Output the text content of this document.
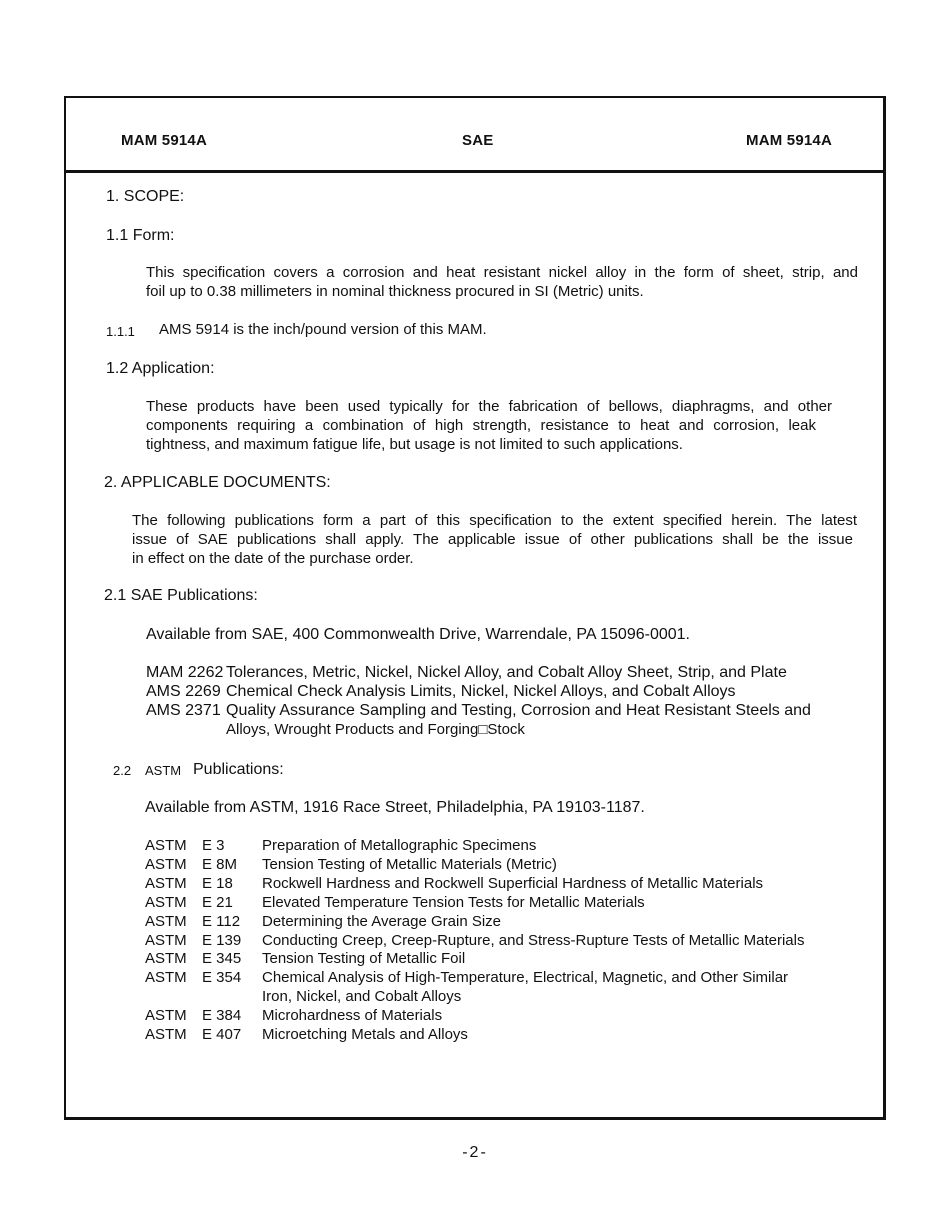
MAM 5914A	SAE	MAM 5914A
1. SCOPE:
1.1 Form:
This specification covers a corrosion and heat resistant nickel alloy in the form of sheet, strip, and
foil up to 0.38 millimeters in nominal thickness procured in SI (Metric) units.
1.1.1 AMS 5914 is the inch/pound version of this MAM.
1.2 Application:
These products have been used typically for the fabrication of bellows, diaphragms, and other
components requiring a combination of high strength, resistance to heat and corrosion, leak
tightness, and maximum fatigue life, but usage is not limited to such applications.
2. APPLICABLE DOCUMENTS:
The following publications form a part of this specification to the extent specified herein. The latest
issue of SAE publications shall apply. The applicable issue of other publications shall be the issue
in effect on the date of the purchase order.
2.1 SAE Publications:
Available from SAE, 400 Commonwealth Drive, Warrendale, PA 15096-0001.
MAM 2262 Tolerances, Metric, Nickel, Nickel Alloy, and Cobalt Alloy Sheet, Strip, and Plate
AMS 2269 Chemical Check Analysis Limits, Nickel, Nickel Alloys, and Cobalt Alloys
AMS 2371 Quality Assurance Sampling and Testing, Corrosion and Heat Resistant Steels and
Alloys, Wrought Products and Forging□Stock
2.2 ASTM Publications:
Available from ASTM, 1916 Race Street, Philadelphia, PA 19103-1187.
ASTM E 3 Preparation of Metallographic Specimens
ASTM E 8M Tension Testing of Metallic Materials (Metric)
ASTM E 18 Rockwell Hardness and Rockwell Superficial Hardness of Metallic Materials
ASTM E 21 Elevated Temperature Tension Tests for Metallic Materials
ASTM E 112 Determining the Average Grain Size
ASTM E 139 Conducting Creep, Creep-Rupture, and Stress-Rupture Tests of Metallic Materials
ASTM E 345 Tension Testing of Metallic Foil
ASTM E 354 Chemical Analysis of High-Temperature, Electrical, Magnetic, and Other Similar
Iron, Nickel, and Cobalt Alloys
ASTM E 384 Microhardness of Materials
ASTM E 407 Microetching Metals and Alloys
-2-
